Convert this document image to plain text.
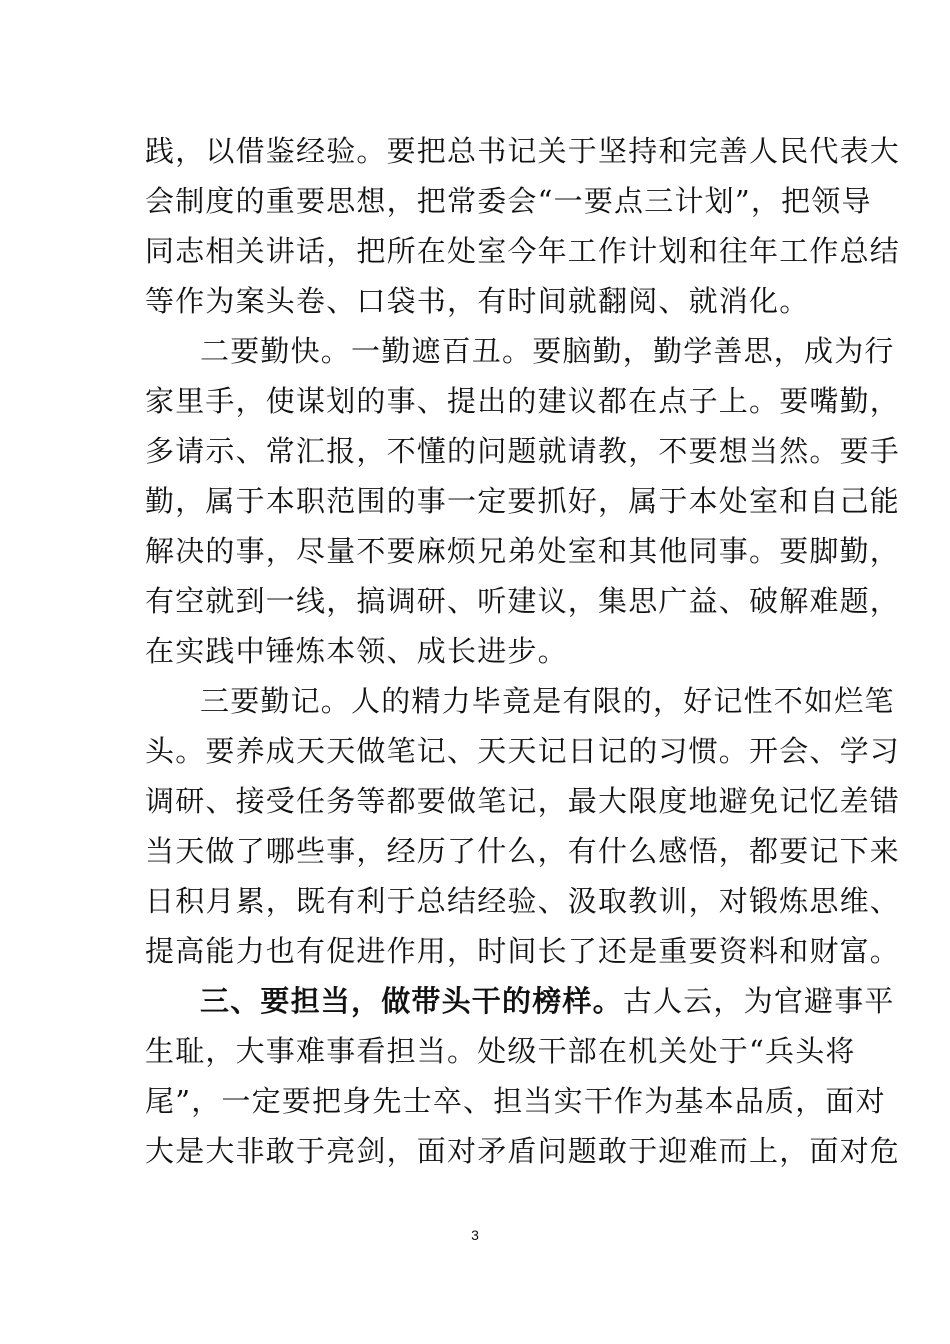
践，以借鉴经验。要把总书记关于坚持和完善人民代表大
会制度的重要思想，把常委会“一要点三计划”，把领导
同志相关讲话，把所在处室今年工作计划和往年工作总结
等作为案头卷、口袋书，有时间就翻阅、就消化。
二要勤快。一勤遮百丑。要脑勤，勤学善思，成为行
家里手，使谋划的事、提出的建议都在点子上。要嘴勤，
多请示、常汇报，不懂的问题就请教，不要想当然。要手
勤，属于本职范围的事一定要抓好，属于本处室和自己能
解决的事，尽量不要麻烦兄弟处室和其他同事。要脚勤，
有空就到一线，搞调研、听建议，集思广益、破解难题，
在实践中锤炼本领、成长进步。
三要勤记。人的精力毕竟是有限的，好记性不如烂笔
头。要养成天天做笔记、天天记日记的习惯。开会、学习
调研、接受任务等都要做笔记，最大限度地避免记忆差错
当天做了哪些事，经历了什么，有什么感悟，都要记下来
日积月累，既有利于总结经验、汲取教训，对锻炼思维、
提高能力也有促进作用，时间长了还是重要资料和财富。
三、要担当，做带头干的榜样。古人云，为官避事平
生耻，大事难事看担当。处级干部在机关处于“兵头将
尾”，一定要把身先士卒、担当实干作为基本品质，面对
大是大非敢于亮剑，面对矛盾问题敢于迎难而上，面对危
3
